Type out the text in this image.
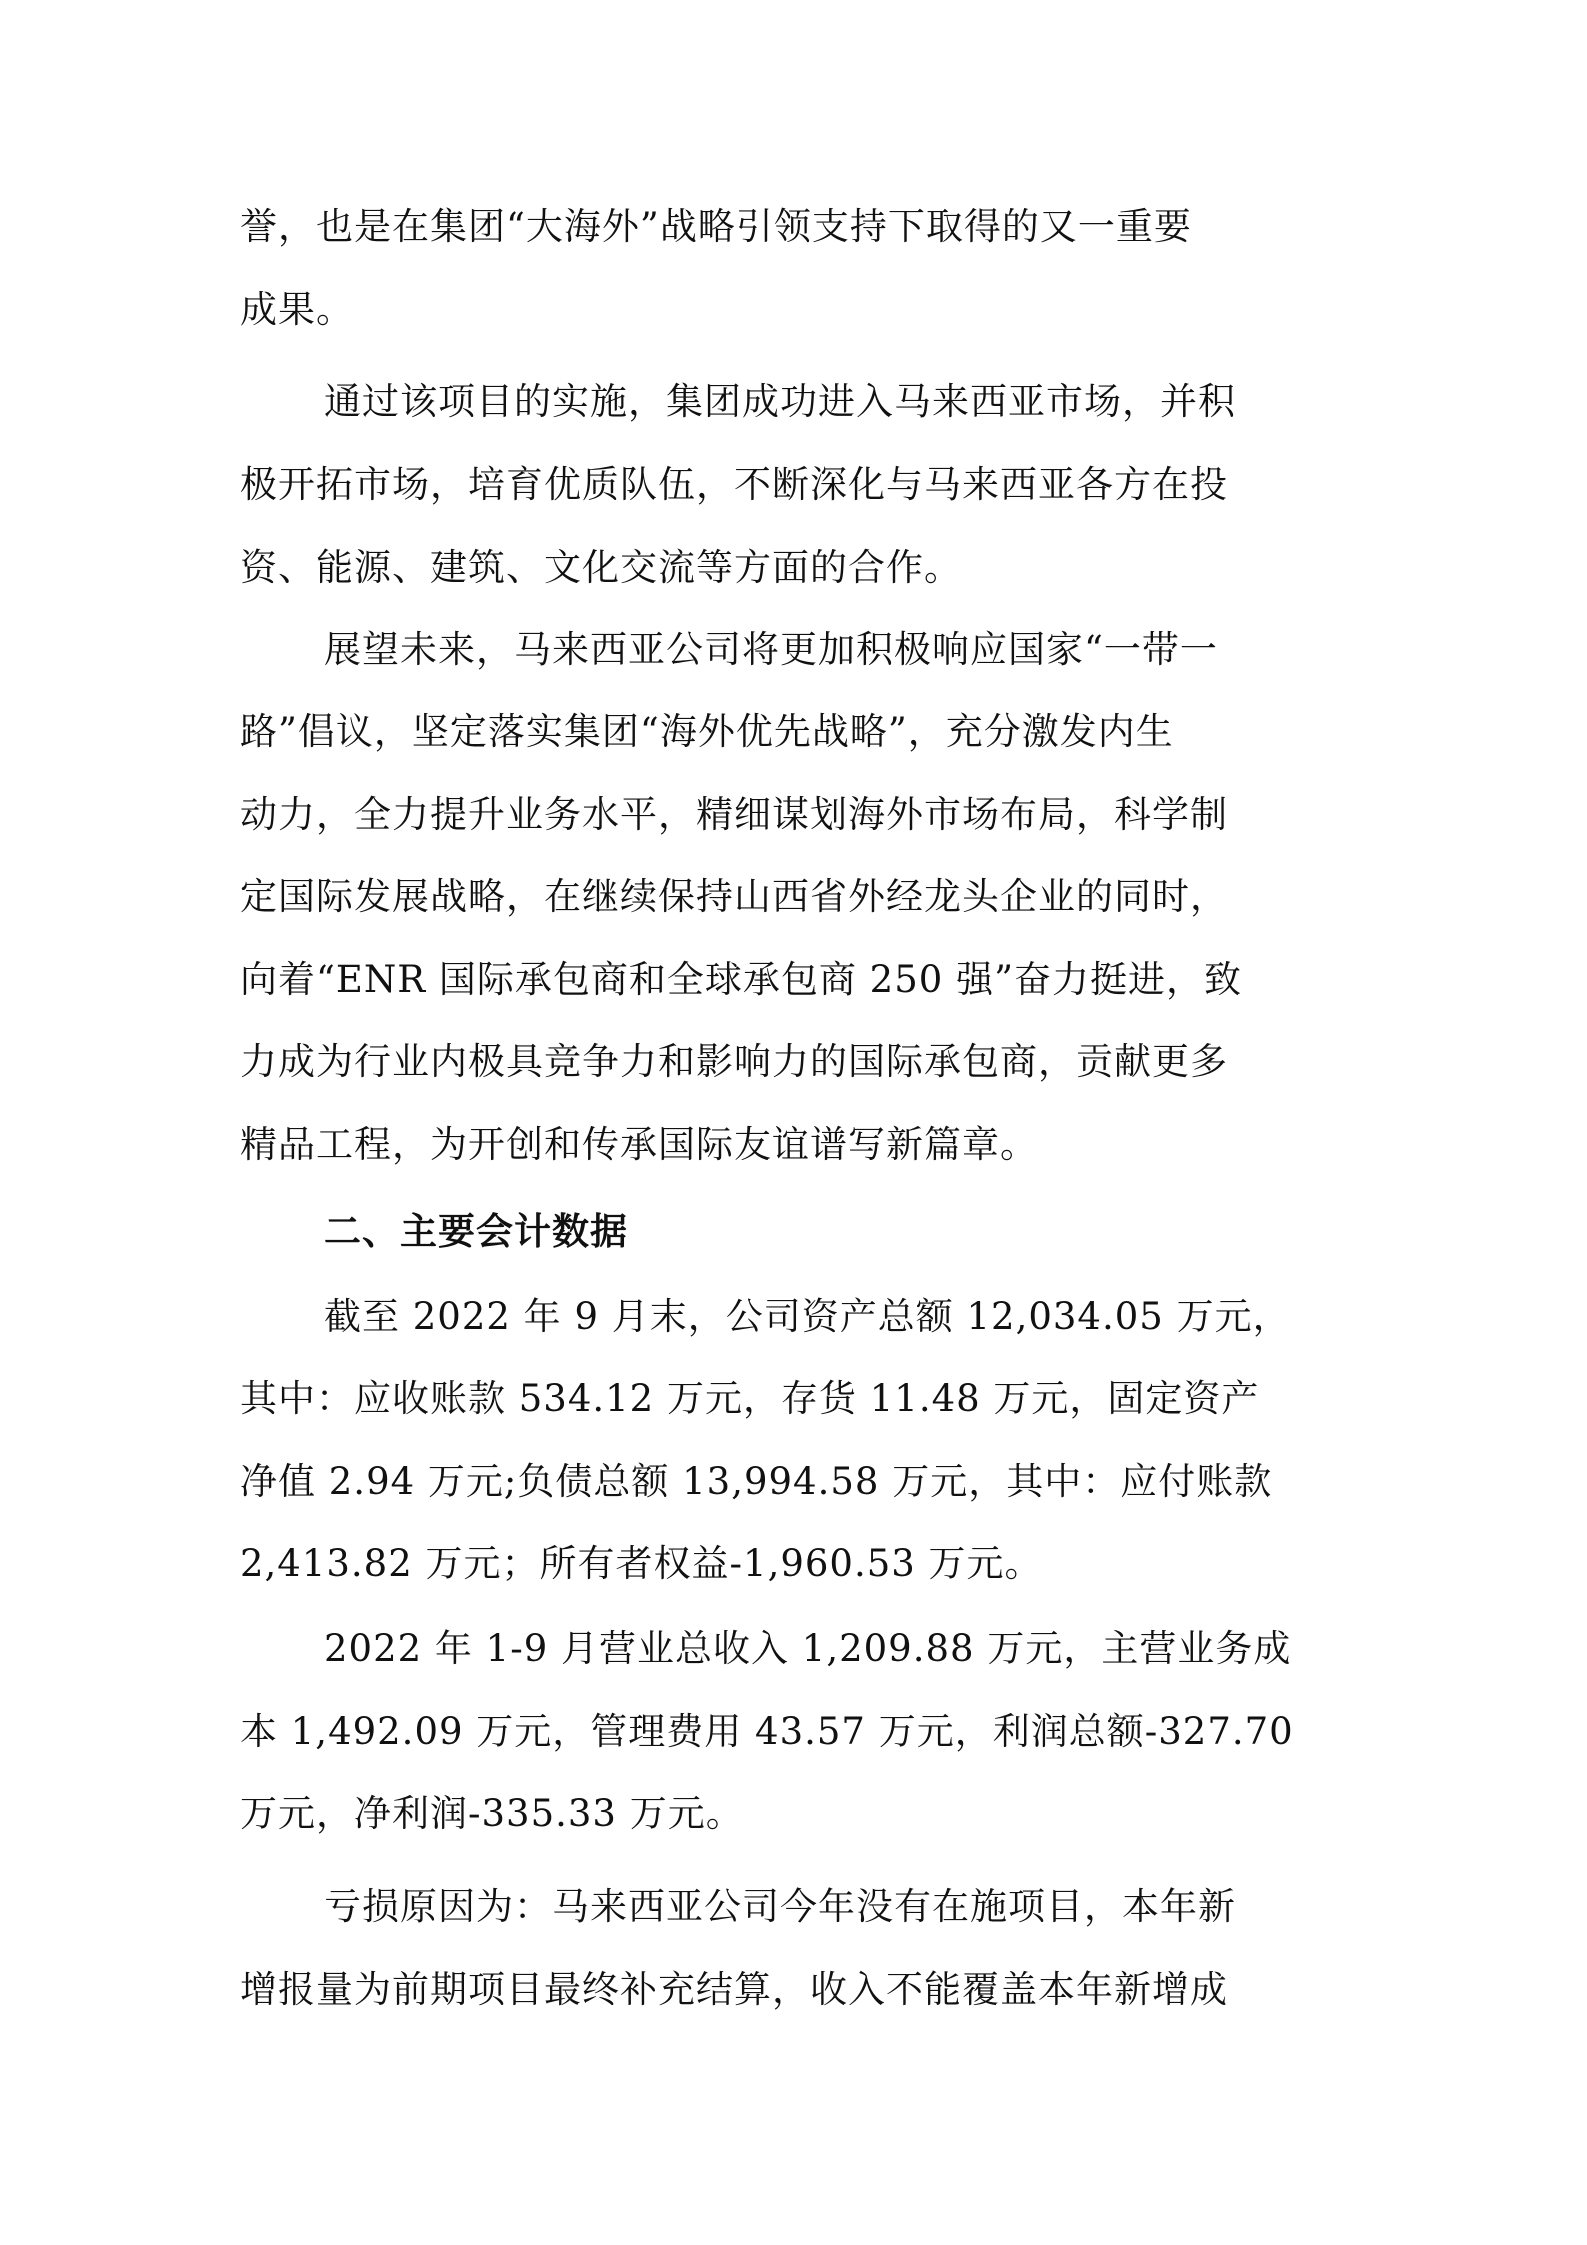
誉，也是在集团“大海外”战略引领支持下取得的又一重要
成果。
通过该项目的实施，集团成功进入马来西亚市场，并积
极开拓市场，培育优质队伍，不断深化与马来西亚各方在投
资、能源、建筑、文化交流等方面的合作。
展望未来，马来西亚公司将更加积极响应国家“一带一
路”倡议，坚定落实集团“海外优先战略”，充分激发内生
动力，全力提升业务水平，精细谋划海外市场布局，科学制
定国际发展战略，在继续保持山西省外经龙头企业的同时，
向着“ENR 国际承包商和全球承包商 250 强”奋力挺进，致
力成为行业内极具竞争力和影响力的国际承包商，贡献更多
精品工程，为开创和传承国际友谊谱写新篇章。
二、主要会计数据
截至 2022 年 9 月末，公司资产总额 12,034.05 万元，
其中：应收账款 534.12 万元，存货 11.48 万元，固定资产
净值 2.94 万元;负债总额 13,994.58 万元，其中：应付账款
2,413.82 万元；所有者权益-1,960.53 万元。
2022 年 1-9 月营业总收入 1,209.88 万元，主营业务成
本 1,492.09 万元，管理费用 43.57 万元，利润总额-327.70
万元，净利润-335.33 万元。
亏损原因为：马来西亚公司今年没有在施项目，本年新
增报量为前期项目最终补充结算，收入不能覆盖本年新增成
